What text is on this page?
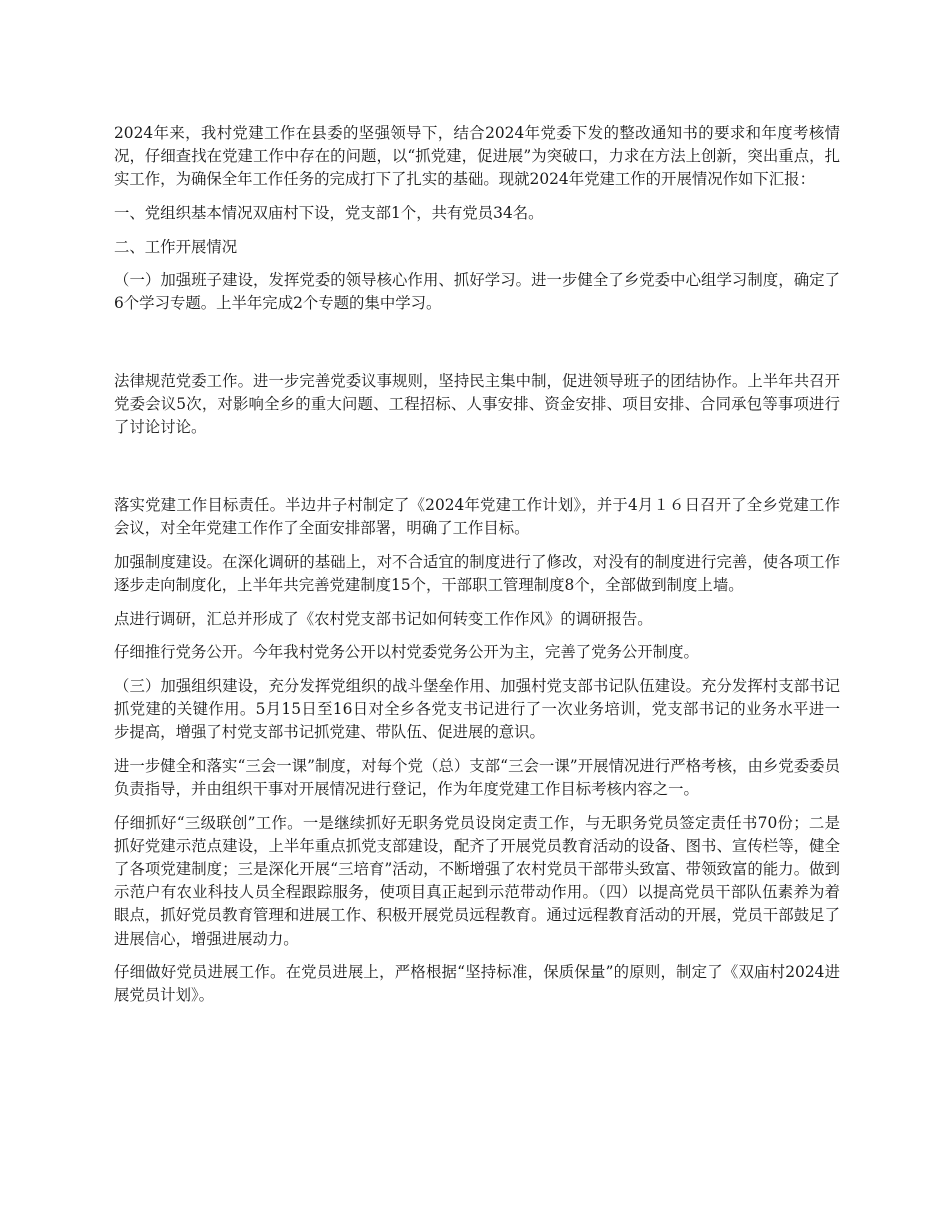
2024年来，我村党建工作在县委的坚强领导下，结合2024年党委下发的整改通知书的要求和年度考核情况，仔细查找在党建工作中存在的问题，以“抓党建，促进展”为突破口，力求在方法上创新，突出重点，扎实工作，为确保全年工作任务的完成打下了扎实的基础。现就2024年党建工作的开展情况作如下汇报：

一、党组织基本情况双庙村下设，党支部1个，共有党员34名。

二、工作开展情况

（一）加强班子建设，发挥党委的领导核心作用、抓好学习。进一步健全了乡党委中心组学习制度，确定了6个学习专题。上半年完成2个专题的集中学习。

法律规范党委工作。进一步完善党委议事规则，坚持民主集中制，促进领导班子的团结协作。上半年共召开党委会议5次，对影响全乡的重大问题、工程招标、人事安排、资金安排、项目安排、合同承包等事项进行了讨论讨论。

落实党建工作目标责任。半边井子村制定了《2024年党建工作计划》，并于4月１６日召开了全乡党建工作会议，对全年党建工作作了全面安排部署，明确了工作目标。

加强制度建设。在深化调研的基础上，对不合适宜的制度进行了修改，对没有的制度进行完善，使各项工作逐步走向制度化，上半年共完善党建制度15个，干部职工管理制度8个，全部做到制度上墙。

点进行调研，汇总并形成了《农村党支部书记如何转变工作作风》的调研报告。

仔细推行党务公开。今年我村党务公开以村党委党务公开为主，完善了党务公开制度。

（三）加强组织建设，充分发挥党组织的战斗堡垒作用、加强村党支部书记队伍建设。充分发挥村支部书记抓党建的关键作用。5月15日至16日对全乡各党支书记进行了一次业务培训，党支部书记的业务水平进一步提高，增强了村党支部书记抓党建、带队伍、促进展的意识。

进一步健全和落实“三会一课”制度，对每个党（总）支部“三会一课”开展情况进行严格考核，由乡党委委员负责指导，并由组织干事对开展情况进行登记，作为年度党建工作目标考核内容之一。

仔细抓好“三级联创”工作。一是继续抓好无职务党员设岗定责工作，与无职务党员签定责任书70份；二是抓好党建示范点建设，上半年重点抓党支部建设，配齐了开展党员教育活动的设备、图书、宣传栏等，健全了各项党建制度；三是深化开展“三培育”活动，不断增强了农村党员干部带头致富、带领致富的能力。做到示范户有农业科技人员全程跟踪服务，使项目真正起到示范带动作用。（四）以提高党员干部队伍素养为着眼点，抓好党员教育管理和进展工作、积极开展党员远程教育。通过远程教育活动的开展，党员干部鼓足了进展信心，增强进展动力。

仔细做好党员进展工作。在党员进展上，严格根据“坚持标准，保质保量”的原则，制定了《双庙村2024进展党员计划》。
